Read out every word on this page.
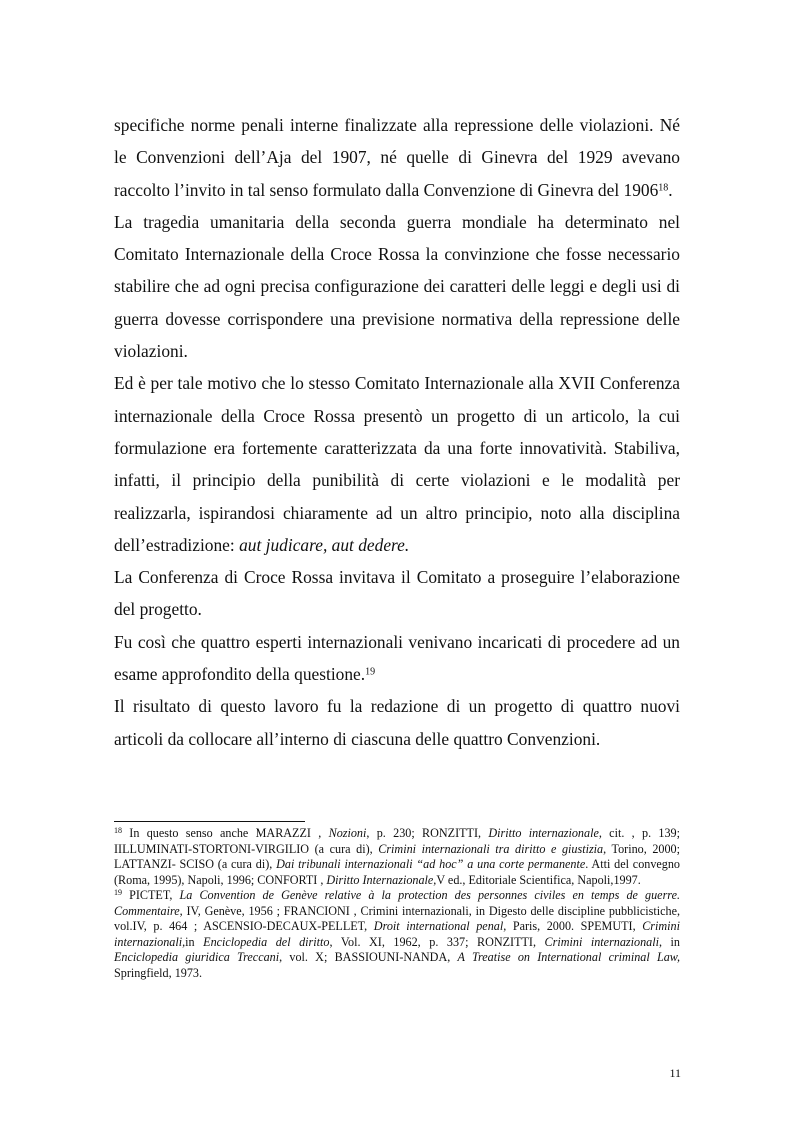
specifiche norme penali interne finalizzate alla repressione delle violazioni. Né le Convenzioni dell’Aja del 1907, né quelle di Ginevra del 1929 avevano raccolto l’invito in tal senso formulato dalla Convenzione di Ginevra del 1906$^{18}$.

La tragedia umanitaria della seconda guerra mondiale ha determinato nel Comitato Internazionale della Croce Rossa la convinzione che fosse necessario stabilire che ad ogni precisa configurazione dei caratteri delle leggi e degli usi di guerra dovesse corrispondere una previsione normativa della repressione delle violazioni.

Ed è per tale motivo che lo stesso Comitato Internazionale alla XVII Conferenza internazionale della Croce Rossa presentò un progetto di un articolo, la cui formulazione era fortemente caratterizzata da una forte innovatività. Stabiliva, infatti, il principio della punibilità di certe violazioni e le modalità per realizzarla, ispirandosi chiaramente ad un altro principio, noto alla disciplina dell’estradizione: aut judicare, aut dedere.

La Conferenza di Croce Rossa invitava il Comitato a proseguire l’elaborazione del progetto.

Fu così che quattro esperti internazionali venivano incaricati di procedere ad un esame approfondito della questione.$^{19}$

Il risultato di questo lavoro fu la redazione di un progetto di quattro nuovi articoli da collocare all’interno di ciascuna delle quattro Convenzioni.

$^{18}$ In questo senso anche MARAZZI , Nozioni, p. 230; RONZITTI, Diritto internazionale, cit. , p. 139; IILLUMINATI-STORTONI-VIRGILIO (a cura di), Crimini internazionali tra diritto e giustizia, Torino, 2000; LATTANZI- SCISO (a cura di), Dai tribunali internazionali “ad hoc” a una corte permanente. Atti del convegno (Roma, 1995), Napoli, 1996; CONFORTI , Diritto Internazionale,V ed., Editoriale Scientifica, Napoli,1997.

$^{19}$ PICTET, La Convention de Genève relative à la protection des personnes civiles en temps de guerre. Commentaire, IV, Genève, 1956 ; FRANCIONI , Crimini internazionali, in Digesto delle discipline pubblicistiche, vol.IV, p. 464 ; ASCENSIO-DECAUX-PELLET, Droit international penal, Paris, 2000. SPEMUTI, Crimini internazionali,in Enciclopedia del diritto, Vol. XI, 1962, p. 337; RONZITTI, Crimini internazionali, in Enciclopedia giuridica Treccani, vol. X; BASSIOUNI-NANDA, A Treatise on International criminal Law, Springfield, 1973.

11
